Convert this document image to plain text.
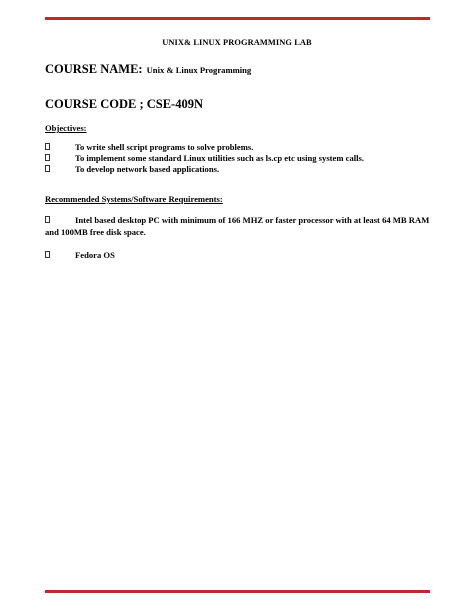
UNIX& LINUX PROGRAMMING LAB
COURSE NAME: Unix & Linux Programming
COURSE CODE ; CSE-409N
Objectives:
To write shell script programs to solve problems.
To implement some standard Linux utilities such as ls.cp etc using system calls.
To develop network based applications.
Recommended Systems/Software Requirements:

Intel based desktop PC with minimum of 166 MHZ or faster processor with at least 64 MB RAM and 100MB free disk space.

Fedora OS
